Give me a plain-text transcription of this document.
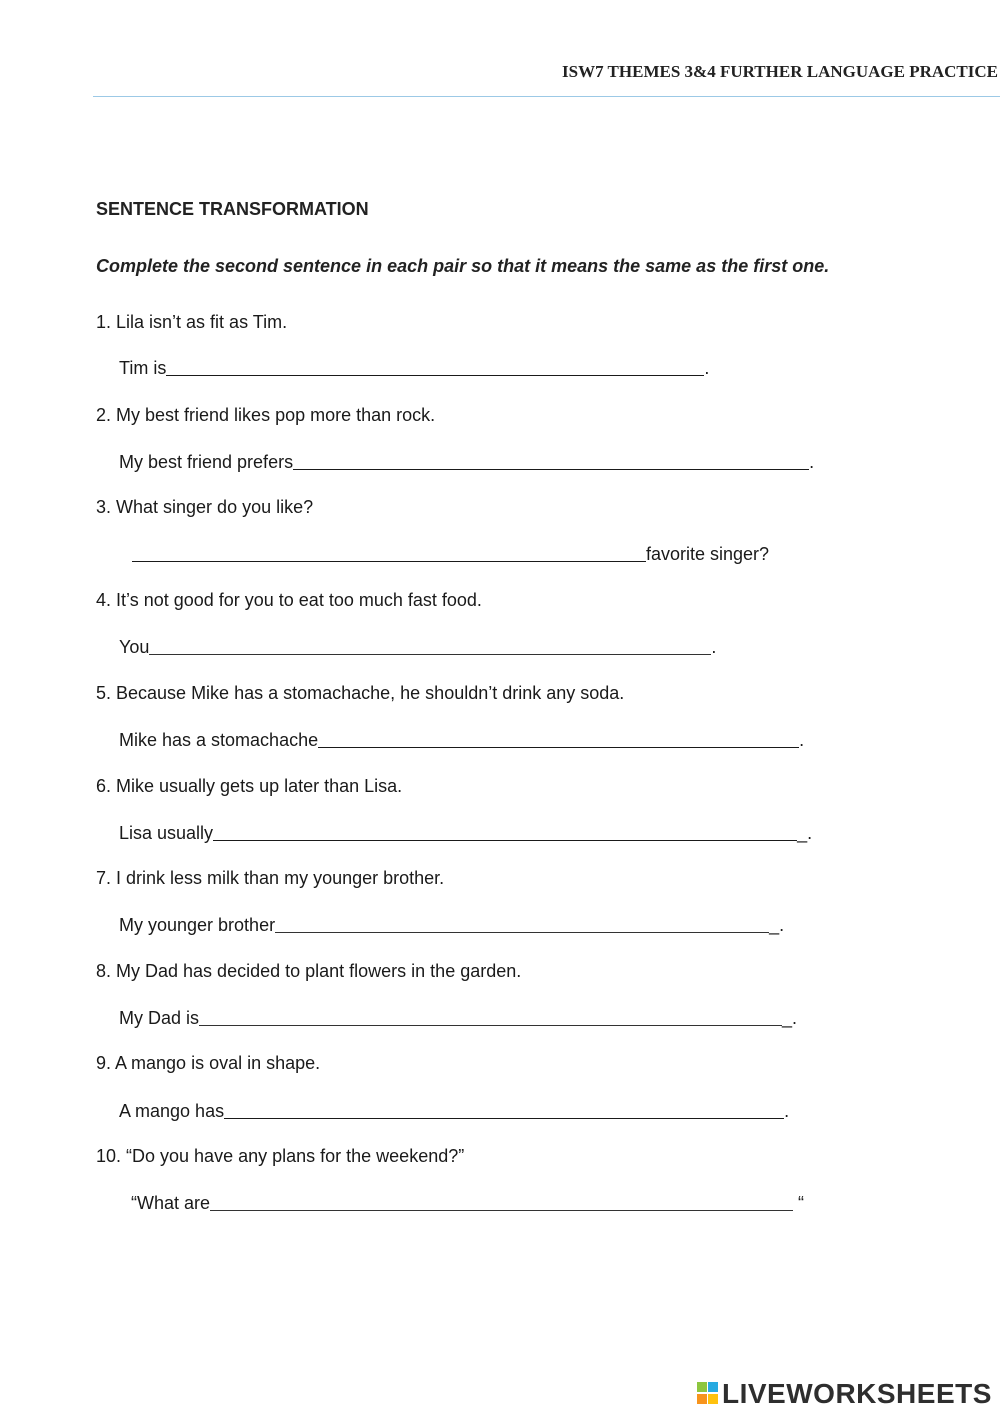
ISW7 THEMES 3&4 FURTHER LANGUAGE PRACTICE
SENTENCE TRANSFORMATION
Complete the second sentence in each pair so that it means the same as the first one.
1. Lila isn’t as fit as Tim.
Tim is	.
2. My best friend likes pop more than rock.
My best friend prefers	.
3. What singer do you like?
favorite singer?
4. It’s not good for you to eat too much fast food.
You	.
5. Because Mike has a stomachache, he shouldn’t drink any soda.
Mike has a stomachache	.
6. Mike usually gets up later than Lisa.
Lisa usually	_.
7. I drink less milk than my younger brother.
My younger brother	_.
8. My Dad has decided to plant flowers in the garden.
My Dad is	_.
9. A mango is oval in shape.
A mango has	.
10. “Do you have any plans for the weekend?”
“What are	“
LIVEWORKSHEETS
